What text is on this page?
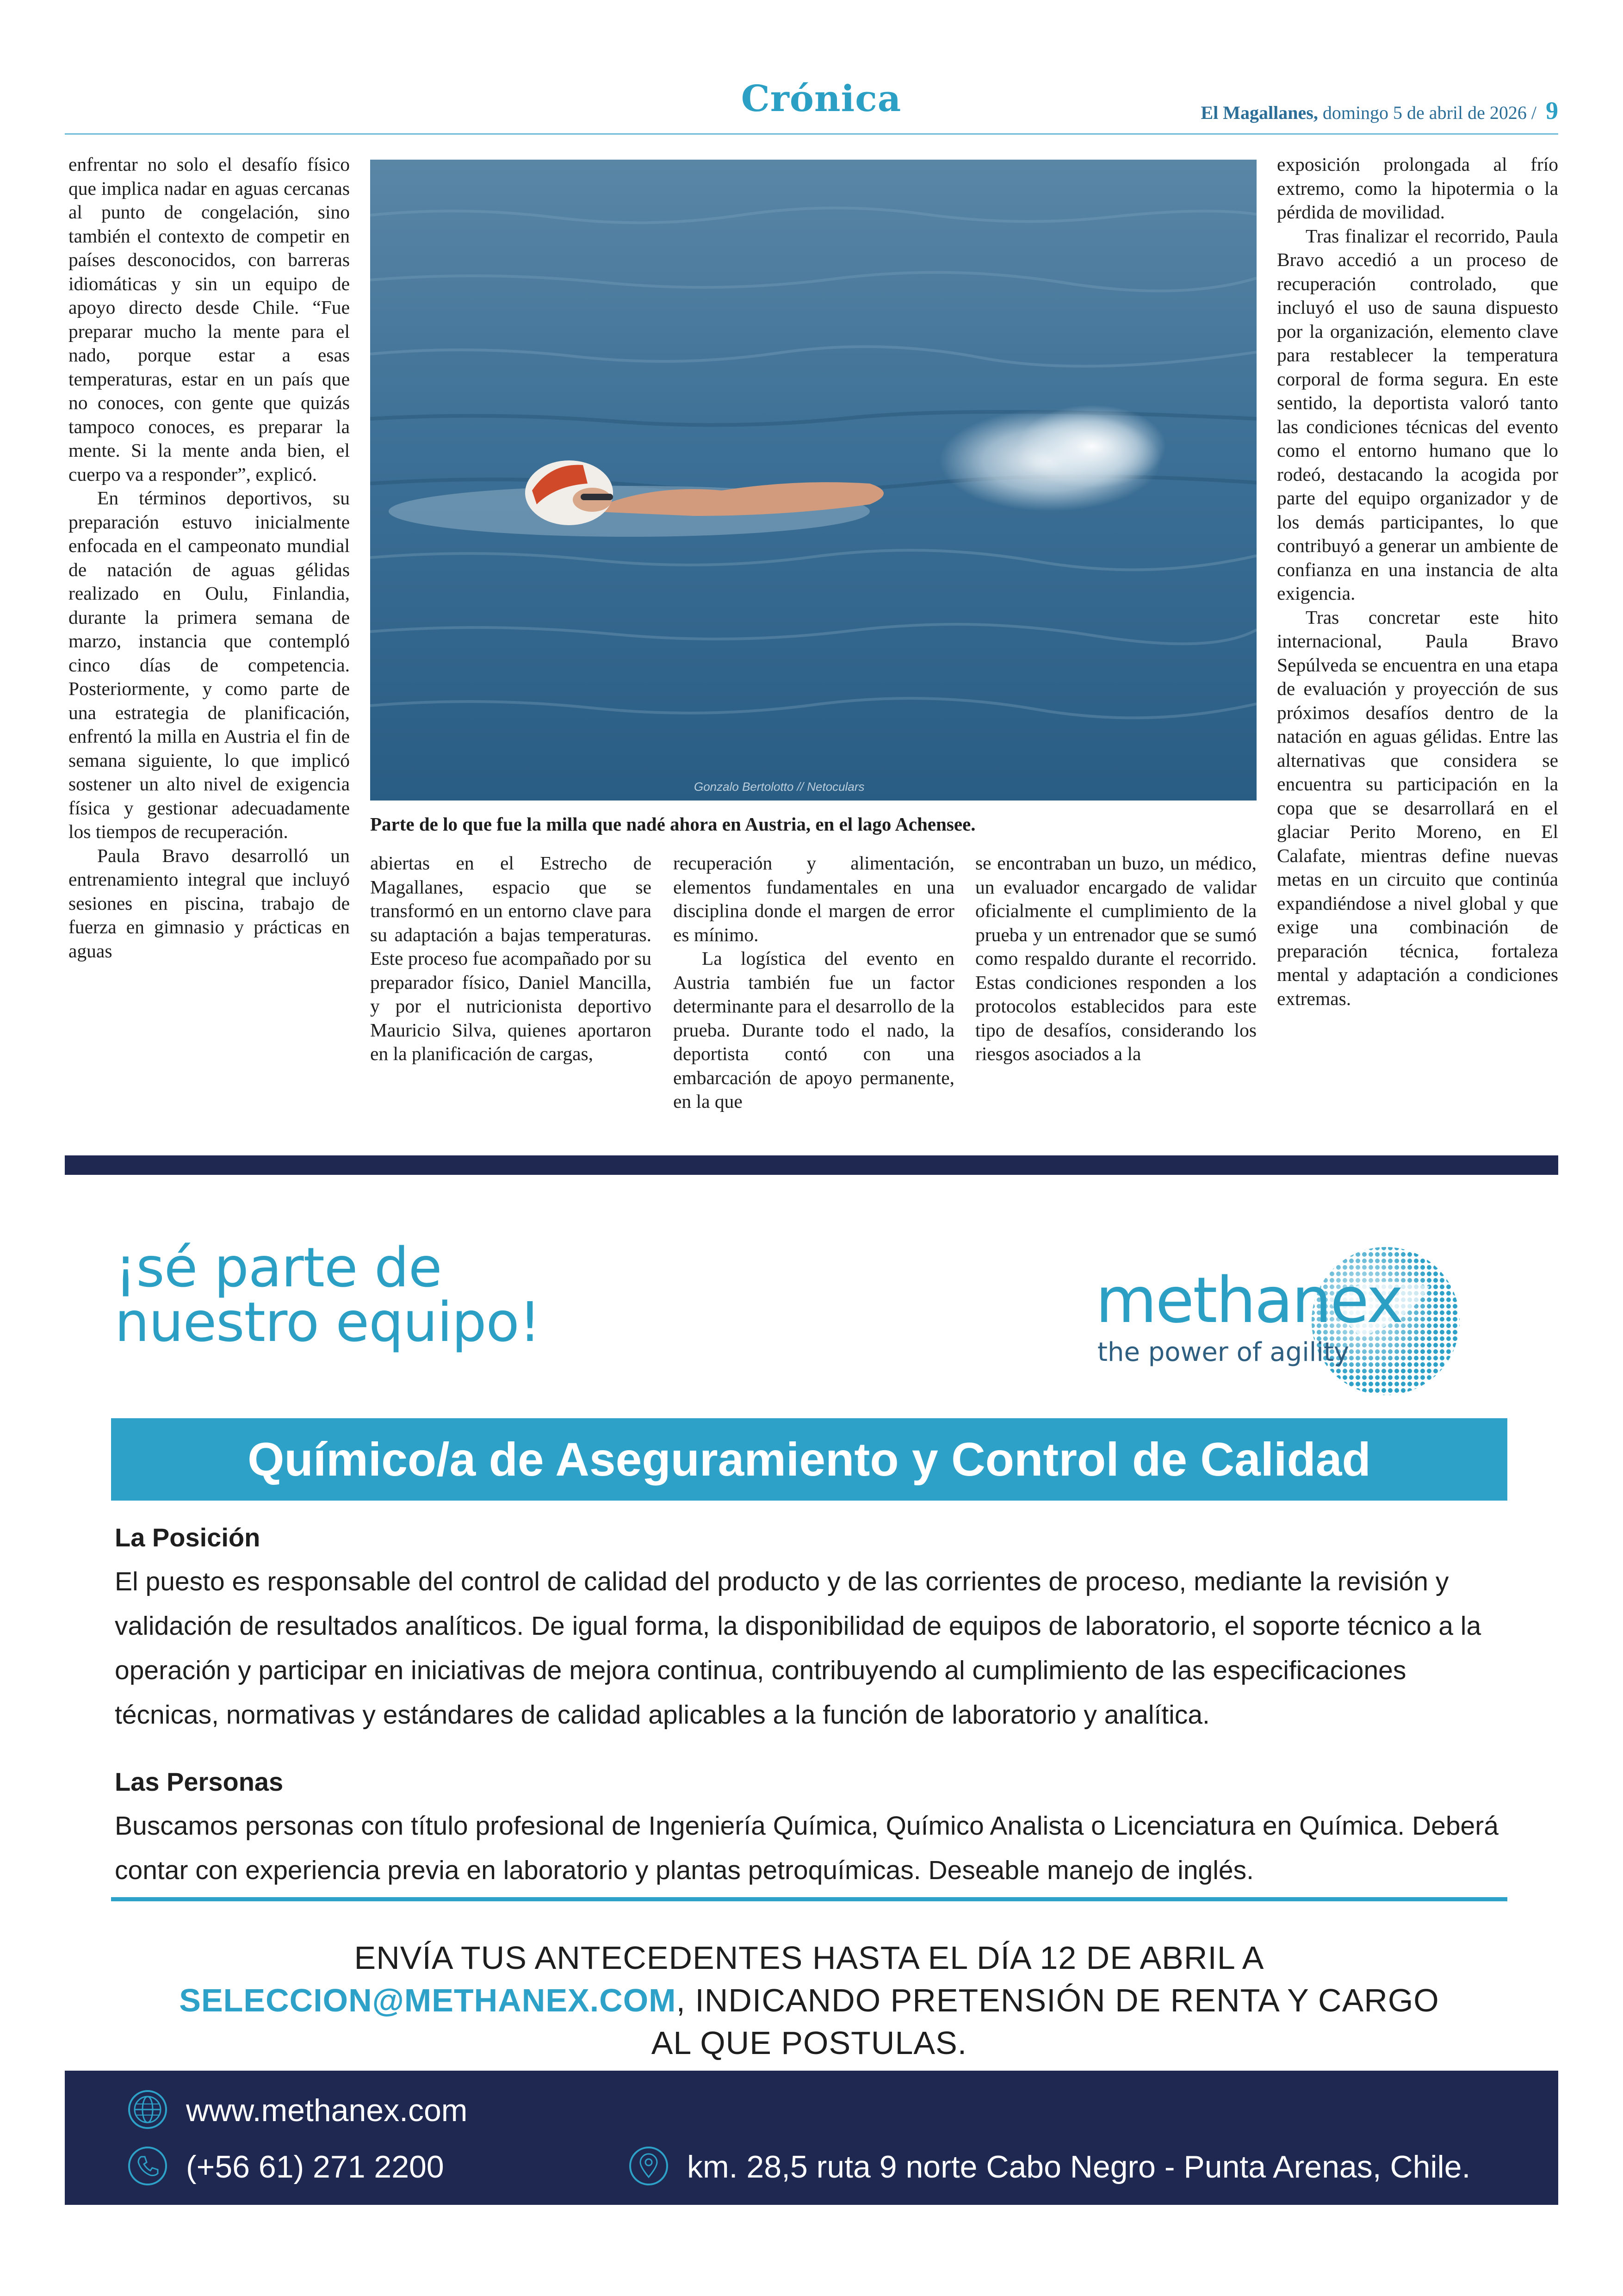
Crónica	El Magallanes, domingo 5 de abril de 2026 / 9

enfrentar no solo el desafío físico que implica nadar en aguas cercanas al punto de congelación, sino también el contexto de competir en países desconocidos, con barreras idiomáticas y sin un equipo de apoyo directo desde Chile. “Fue preparar mucho la mente para el nado, porque estar a esas temperaturas, estar en un país que no conoces, con gente que quizás tampoco conoces, es preparar la mente. Si la mente anda bien, el cuerpo va a responder”, explicó.

En términos deportivos, su preparación estuvo inicialmente enfocada en el campeonato mundial de natación de aguas gélidas realizado en Oulu, Finlandia, durante la primera semana de marzo, instancia que contempló cinco días de competencia. Posteriormente, y como parte de una estrategia de planificación, enfrentó la milla en Austria el fin de semana siguiente, lo que implicó sostener un alto nivel de exigencia física y gestionar adecuadamente los tiempos de recuperación.

Paula Bravo desarrolló un entrenamiento integral que incluyó sesiones en piscina, trabajo de fuerza en gimnasio y prácticas en aguas

Gonzalo Bertolotto // Netoculars
Parte de lo que fue la milla que nadé ahora en Austria, en el lago Achensee.

abiertas en el Estrecho de Magallanes, espacio que se transformó en un entorno clave para su adaptación a bajas temperaturas. Este proceso fue acompañado por su preparador físico, Daniel Mancilla, y por el nutricionista deportivo Mauricio Silva, quienes aportaron en la planificación de cargas,

recuperación y alimentación, elementos fundamentales en una disciplina donde el margen de error es mínimo.

La logística del evento en Austria también fue un factor determinante para el desarrollo de la prueba. Durante todo el nado, la deportista contó con una embarcación de apoyo permanente, en la que

se encontraban un buzo, un médico, un evaluador encargado de validar oficialmente el cumplimiento de la prueba y un entrenador que se sumó como respaldo durante el recorrido. Estas condiciones responden a los protocolos establecidos para este tipo de desafíos, considerando los riesgos asociados a la

exposición prolongada al frío extremo, como la hipotermia o la pérdida de movilidad.

Tras finalizar el recorrido, Paula Bravo accedió a un proceso de recuperación controlado, que incluyó el uso de sauna dispuesto por la organización, elemento clave para restablecer la temperatura corporal de forma segura. En este sentido, la deportista valoró tanto las condiciones técnicas del evento como el entorno humano que lo rodeó, destacando la acogida por parte del equipo organizador y de los demás participantes, lo que contribuyó a generar un ambiente de confianza en una instancia de alta exigencia.

Tras concretar este hito internacional, Paula Bravo Sepúlveda se encuentra en una etapa de evaluación y proyección de sus próximos desafíos dentro de la natación en aguas gélidas. Entre las alternativas que considera se encuentra su participación en la copa que se desarrollará en el glaciar Perito Moreno, en El Calafate, mientras define nuevas metas en un circuito que continúa expandiéndose a nivel global y que exige una combinación de preparación técnica, fortaleza mental y adaptación a condiciones extremas.

¡sé parte de
nuestro equipo!	methanex
the power of agility
Químico/a de Aseguramiento y Control de Calidad
La Posición

El puesto es responsable del control de calidad del producto y de las corrientes de proceso, mediante la revisión y validación de resultados analíticos. De igual forma, la disponibilidad de equipos de laboratorio, el soporte técnico a la operación y participar en iniciativas de mejora continua, contribuyendo al cumplimiento de las especificaciones técnicas, normativas y estándares de calidad aplicables a la función de laboratorio y analítica.

Las Personas

Buscamos personas con título profesional de Ingeniería Química, Químico Analista o Licenciatura en Química. Deberá contar con experiencia previa en laboratorio y plantas petroquímicas. Deseable manejo de inglés.

ENVÍA TUS ANTECEDENTES HASTA EL DÍA 12 DE ABRIL A
SELECCION@METHANEX.COM, INDICANDO PRETENSIÓN DE RENTA Y CARGO
AL QUE POSTULAS.
www.methanex.com
(+56 61) 271 2200	km. 28,5 ruta 9 norte Cabo Negro - Punta Arenas, Chile.
